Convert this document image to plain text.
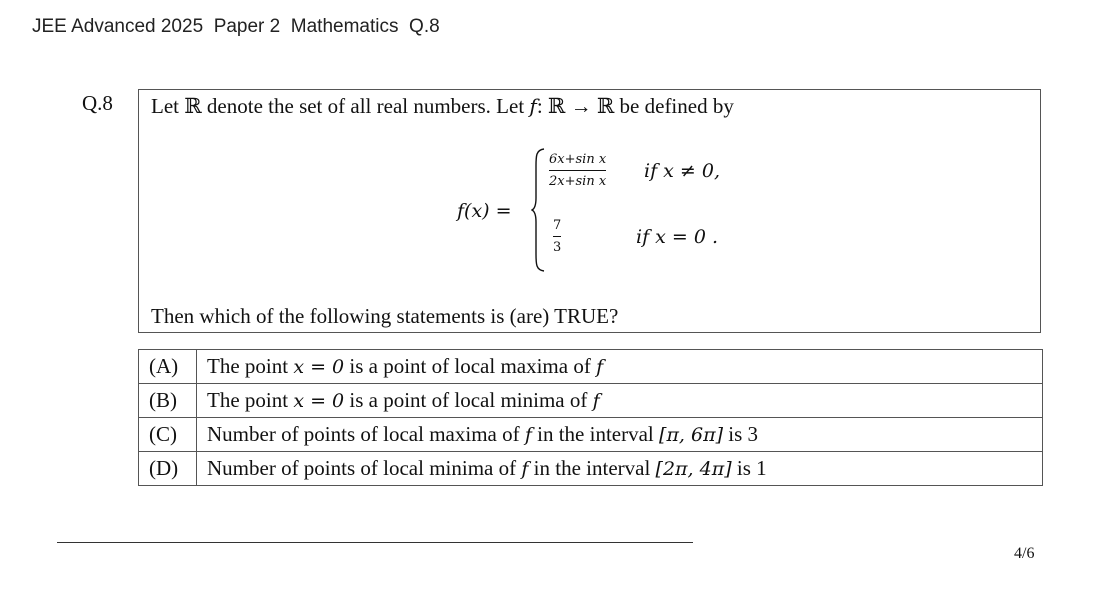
JEE Advanced 2025  Paper 2  Mathematics  Q.8
Q.8 Let ℝ denote the set of all real numbers. Let f: ℝ → ℝ be defined by
f(x) =
6x+sin x
2x+sin x if x ≠ 0,
7
3	if x = 0 .
Then which of the following statements is (are) TRUE?
(A)	The point x = 0 is a point of local maxima of f
(B)	The point x = 0 is a point of local minima of f
(C)	Number of points of local maxima of f in the interval [π, 6π] is 3
(D)	Number of points of local minima of f in the interval [2π, 4π] is 1
4/6
